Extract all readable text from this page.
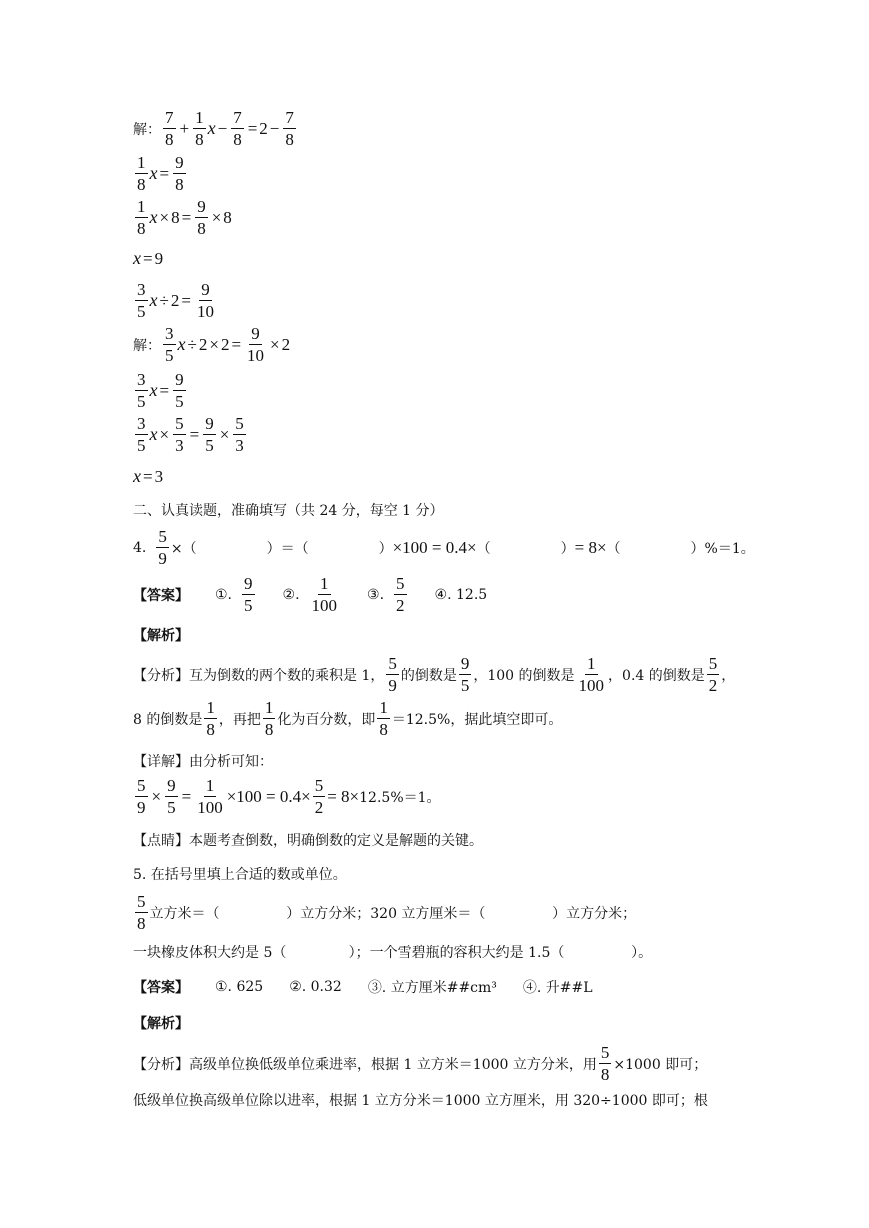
解： $\frac{7}{8} + \frac{1}{8}$ $x - \frac{7}{8} = 2 - \frac{7}{8}$
$\frac{1}{8}$ $x = \frac{9}{8}$
$\frac{1}{8}$ $x \times 8 = \frac{9}{8} \times 8$
x = 9
$\frac{3}{5}$ $x \div 2 = \frac{9}{10}$
解： $\frac{3}{5}$ $x \div 2 \times 2 = \frac{9}{10} \times 2$
$\frac{3}{5}$ $x = \frac{9}{5}$
$\frac{3}{5}$ $x \times \frac{5}{3} = \frac{9}{5} \times \frac{5}{3}$
x = 3
二、认真读题，准确填写（共 24 分，每空 1 分）
4. $\frac{5}{9}$ ×（	）＝（	） ×100 = 0.4× （	） = 8× （	）%＝1。
【答案】 ①. $\frac{9}{5}$ ②. $\frac{1}{100}$ ③. $\frac{5}{2}$ ④. 12.5
【解析】
【分析】互为倒数的两个数的乘积是 1， $\frac{5}{9}$ 的倒数是 $\frac{9}{5}$ ，100 的倒数是 $\frac{1}{100}$ ，0.4 的倒数是 $\frac{5}{2}$ ，
8 的倒数是 $\frac{1}{8}$ ，再把 $\frac{1}{8}$ 化为百分数，即 $\frac{1}{8} =12.5\%$，据此填空即可。
【详解】由分析可知：
$\frac{5}{9} \times \frac{9}{5} = \frac{1}{100} \times 100 = 0.4\times \frac{5}{2} = 8\times 12.5\%=1$。
【点睛】本题考查倒数，明确倒数的定义是解题的关键。
5. 在括号里填上合适的数或单位。
$\frac{5}{8}$ 立方米＝（               ）立方分米；320 立方厘米＝（               ）立方分米；
一块橡皮体积大约是 5（              ）；一个雪碧瓶的容积大约是 1.5（               ）。
【答案】 ①. 625 ②. 0.32 ③. 立方厘米##cm³ ④. 升##L
【解析】
【分析】高级单位换低级单位乘进率，根据 1 立方米＝1000 立方分米，用 $\frac{5}{8} \times 1000$ 即可；
低级单位换高级单位除以进率，根据 1 立方分米＝1000 立方厘米，用 320÷1000 即可；根
